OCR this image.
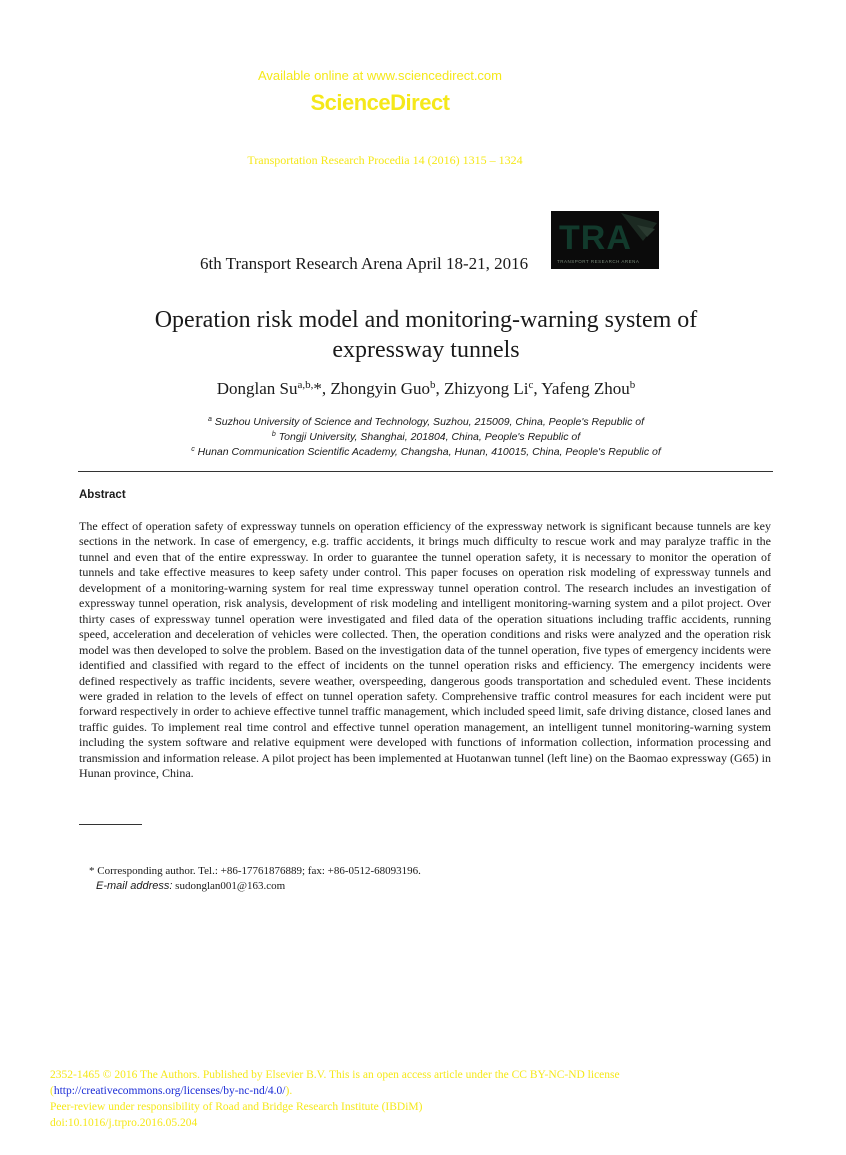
Available online at www.sciencedirect.com
ScienceDirect
Transportation Research Procedia 14 (2016) 1315 – 1324
6th Transport Research Arena April 18-21, 2016
TRA
TRANSPORT RESEARCH ARENA
Operation risk model and monitoring-warning system of
expressway tunnels
Donglan $Su^{a,b,}*$, Zhongyin Guo$^b$, Zhizyong Li$^c$, Yafeng Zhou$^b$
$^a$ Suzhou University of Science and Technology, Suzhou, 215009, China, People's Republic of
$^b$ Tongji University, Shanghai, 201804, China, People's Republic of
$^c$ Hunan Communication Scientific Academy, Changsha, Hunan, 410015, China, People's Republic of
Abstract
The effect of operation safety of expressway tunnels on operation efficiency of the expressway network is significant because tunnels are key sections in the network. In case of emergency, e.g. traffic accidents, it brings much difficulty to rescue work and may paralyze traffic in the tunnel and even that of the entire expressway. In order to guarantee the tunnel operation safety, it is necessary to monitor the operation of tunnels and take effective measures to keep safety under control. This paper focuses on operation risk modeling of expressway tunnels and development of a monitoring-warning system for real time expressway tunnel operation control. The research includes an investigation of expressway tunnel operation, risk analysis, development of risk modeling and intelligent monitoring-warning system and a pilot project. Over thirty cases of expressway tunnel operation were investigated and filed data of the operation situations including traffic accidents, running speed, acceleration and deceleration of vehicles were collected. Then, the operation conditions and risks were analyzed and the operation risk model was then developed to solve the problem. Based on the investigation data of the tunnel operation, five types of emergency incidents were identified and classified with regard to the effect of incidents on the tunnel operation risks and efficiency. The emergency incidents were defined respectively as traffic incidents, severe weather, overspeeding, dangerous goods transportation and scheduled event. These incidents were graded in relation to the levels of effect on tunnel operation safety. Comprehensive traffic control measures for each incident were put forward respectively in order to achieve effective tunnel traffic management, which included speed limit, safe driving distance, closed lanes and traffic guides. To implement real time control and effective tunnel operation management, an intelligent tunnel monitoring-warning system including the system software and relative equipment were developed with functions of information collection, information processing and transmission and information release. A pilot project has been implemented at Huotanwan tunnel (left line) on the Baomao expressway (G65) in Hunan province, China.
* Corresponding author. Tel.: +86-17761876889; fax: +86-0512-68093196.
E-mail address: sudonglan001@163.com
2352-1465 © 2016 The Authors. Published by Elsevier B.V. This is an open access article under the CC BY-NC-ND license
(http://creativecommons.org/licenses/by-nc-nd/4.0/).
Peer-review under responsibility of Road and Bridge Research Institute (IBDiM)
doi:10.1016/j.trpro.2016.05.204
